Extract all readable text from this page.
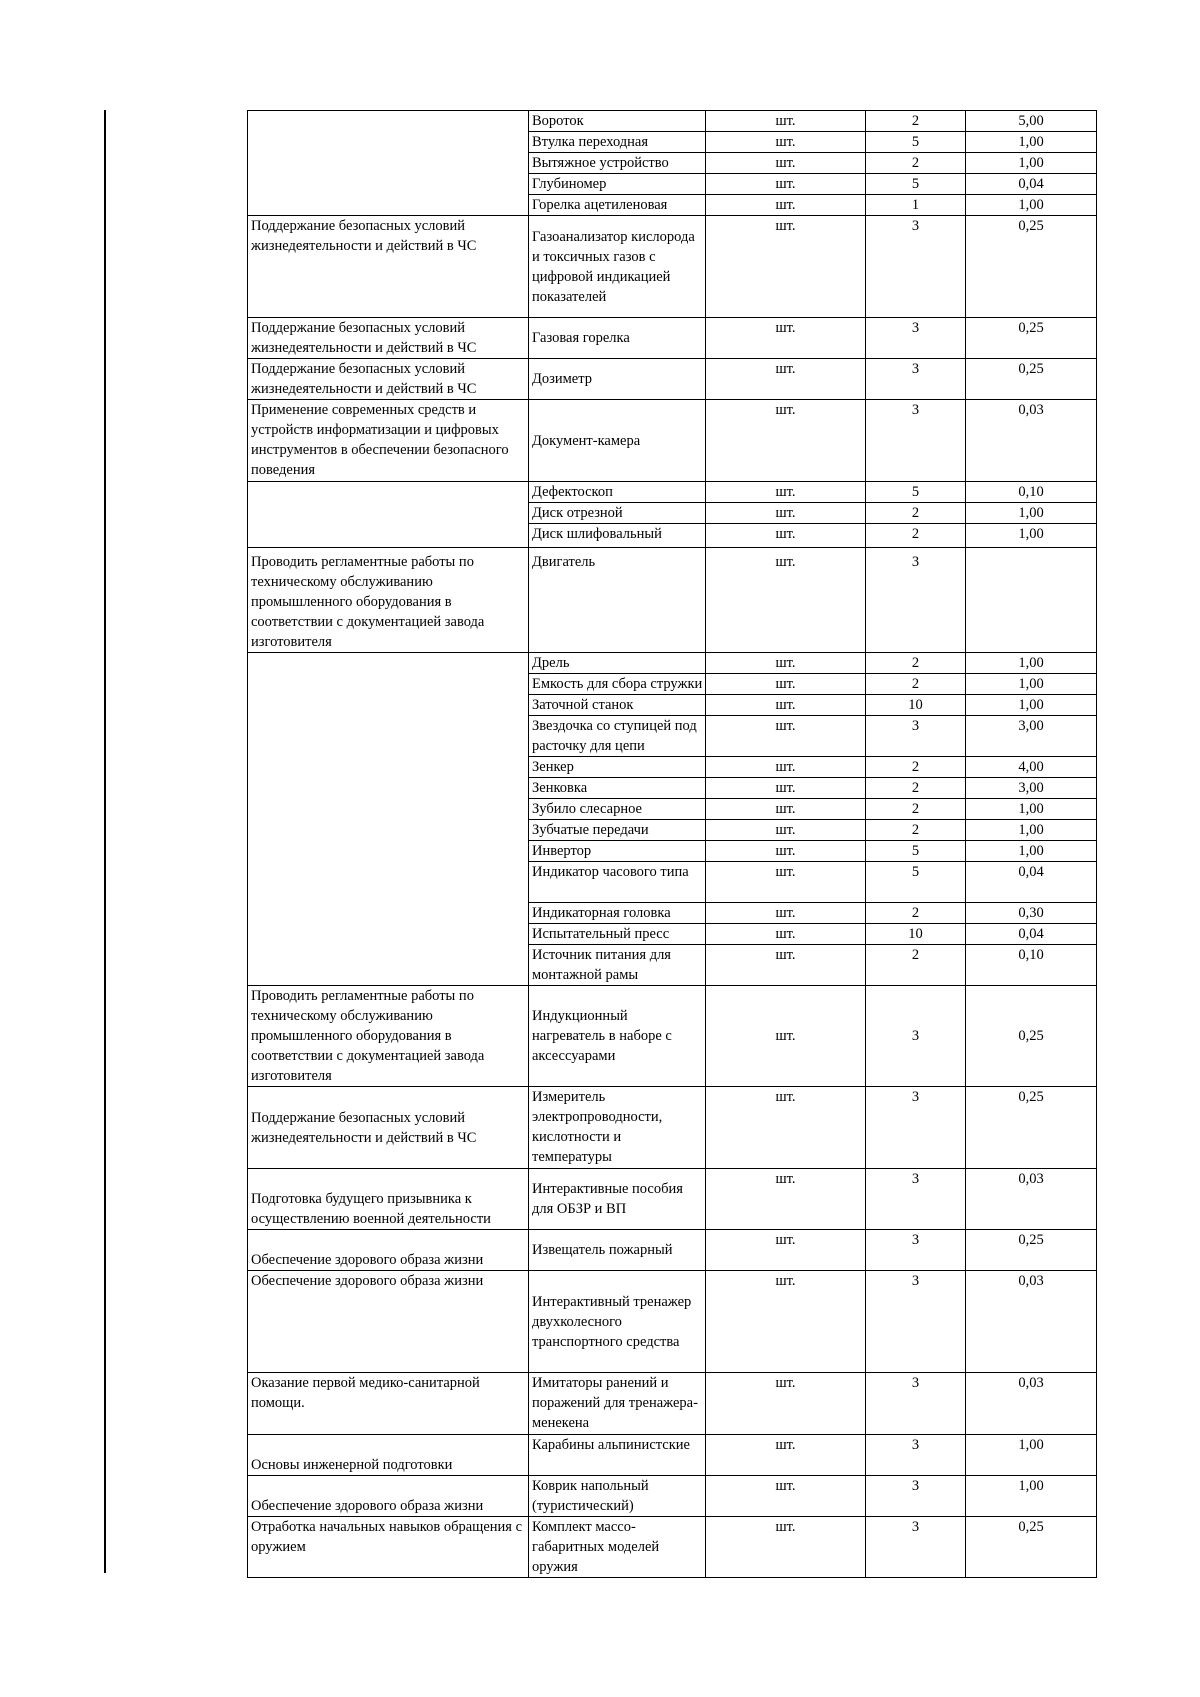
	Вороток	шт.	2	5,00
	Втулка переходная	шт.	5	1,00
	Вытяжное устройство	шт.	2	1,00
	Глубиномер	шт.	5	0,04
	Горелка ацетиленовая	шт.	1	1,00
Поддержание безопасных условий жизнедеятельности и действий в ЧС	Газоанализатор кислорода и токсичных газов с цифровой индикацией показателей	шт.	3	0,25
Поддержание безопасных условий жизнедеятельности и действий в ЧС	Газовая горелка	шт.	3	0,25
Поддержание безопасных условий жизнедеятельности и действий в ЧС	Дозиметр	шт.	3	0,25
Применение современных средств и устройств информатизации и цифровых инструментов в обеспечении безопасного поведения	Документ-камера	шт.	3	0,03
	Дефектоскоп	шт.	5	0,10
	Диск отрезной	шт.	2	1,00
	Диск шлифовальный	шт.	2	1,00
Проводить регламентные работы по техническому обслуживанию промышленного оборудования в соответствии с документацией завода изготовителя	Двигатель	шт.	3	
	Дрель	шт.	2	1,00
	Емкость для сбора стружки	шт.	2	1,00
	Заточной станок	шт.	10	1,00
	Звездочка со ступицей под расточку для цепи	шт.	3	3,00
	Зенкер	шт.	2	4,00
	Зенковка	шт.	2	3,00
	Зубило слесарное	шт.	2	1,00
	Зубчатые передачи	шт.	2	1,00
	Инвертор	шт.	5	1,00
	Индикатор часового типа	шт.	5	0,04
	Индикаторная головка	шт.	2	0,30
	Испытательный пресс	шт.	10	0,04
	Источник питания для монтажной рамы	шт.	2	0,10
Проводить регламентные работы по техническому обслуживанию промышленного оборудования в соответствии с документацией завода изготовителя	Индукционный нагреватель в наборе с аксессуарами	шт.	3	0,25
Поддержание безопасных условий жизнедеятельности и действий в ЧС	Измеритель электропроводности, кислотности и температуры	шт.	3	0,25
Подготовка будущего призывника к осуществлению военной деятельности	Интерактивные пособия для ОБЗР и ВП	шт.	3	0,03
Обеспечение здорового образа жизни	Извещатель пожарный	шт.	3	0,25
Обеспечение здорового образа жизни	Интерактивный тренажер двухколесного транспортного средства	шт.	3	0,03
Оказание первой медико-санитарной помощи.	Имитаторы ранений и поражений для тренажера-менекена	шт.	3	0,03
Основы инженерной подготовки	Карабины альпинистские	шт.	3	1,00
Обеспечение здорового образа жизни	Коврик напольный (туристический)	шт.	3	1,00
Отработка начальных навыков обращения с оружием	Комплект массо-габаритных моделей оружия	шт.	3	0,25
